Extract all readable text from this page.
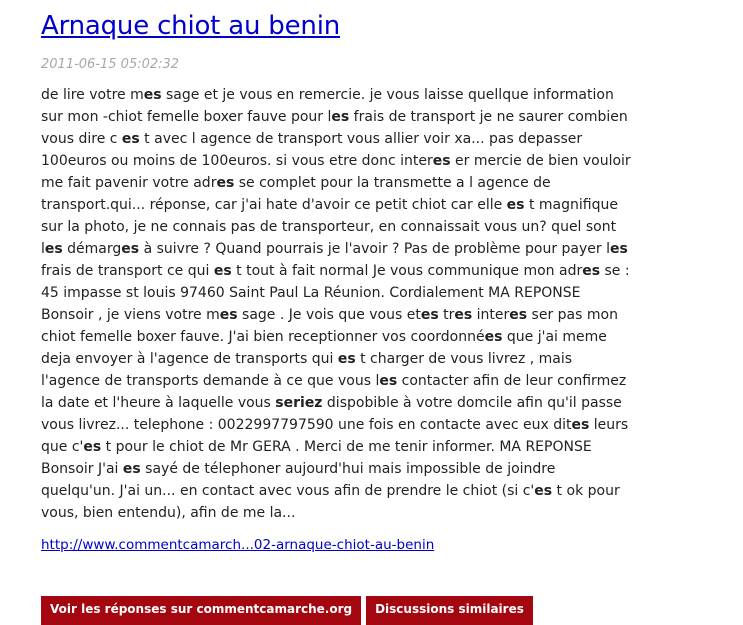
Arnaque chiot au benin
2011-06-15 05:02:32
de lire votre mes sage et je vous en remercie. je vous laisse quellque information sur mon -chiot femelle boxer fauve pour les frais de transport je ne saurer combien vous dire c es t avec l agence de transport vous allier voir xa... pas depasser 100euros ou moins de 100euros. si vous etre donc interes er mercie de bien vouloir me fait pavenir votre adres se complet pour la transmette a l agence de transport.qui... réponse, car j'ai hate d'avoir ce petit chiot car elle es t magnifique sur la photo, je ne connais pas de transporteur, en connaissait vous un? quel sont les démarges à suivre ? Quand pourrais je l'avoir ? Pas de problème pour payer les frais de transport ce qui es t tout à fait normal Je vous communique mon adres se : 45 impasse st louis 97460 Saint Paul La Réunion. Cordialement MA REPONSE Bonsoir , je viens votre mes sage . Je vois que vous etes tres interes ser pas mon chiot femelle boxer fauve. J'ai bien receptionner vos coordonnées que j'ai meme deja envoyer à l'agence de transports qui es t charger de vous livrez , mais l'agence de transports demande à ce que vous les contacter afin de leur confirmez la date et l'heure à laquelle vous seriez dispobible à votre domcile afin qu'il passe vous livrez... telephone : 0022997797590 une fois en contacte avec eux dites leurs que c'es t pour le chiot de Mr GERA . Merci de me tenir informer. MA REPONSE Bonsoir J'ai es sayé de télephoner aujourd'hui mais impossible de joindre quelqu'un. J'ai un... en contact avec vous afin de prendre le chiot (si c'es t ok pour vous, bien entendu), afin de me la...
http://www.commentcamarch...02-arnaque-chiot-au-benin
Voir les réponses sur commentcamarche.org	Discussions similaires
